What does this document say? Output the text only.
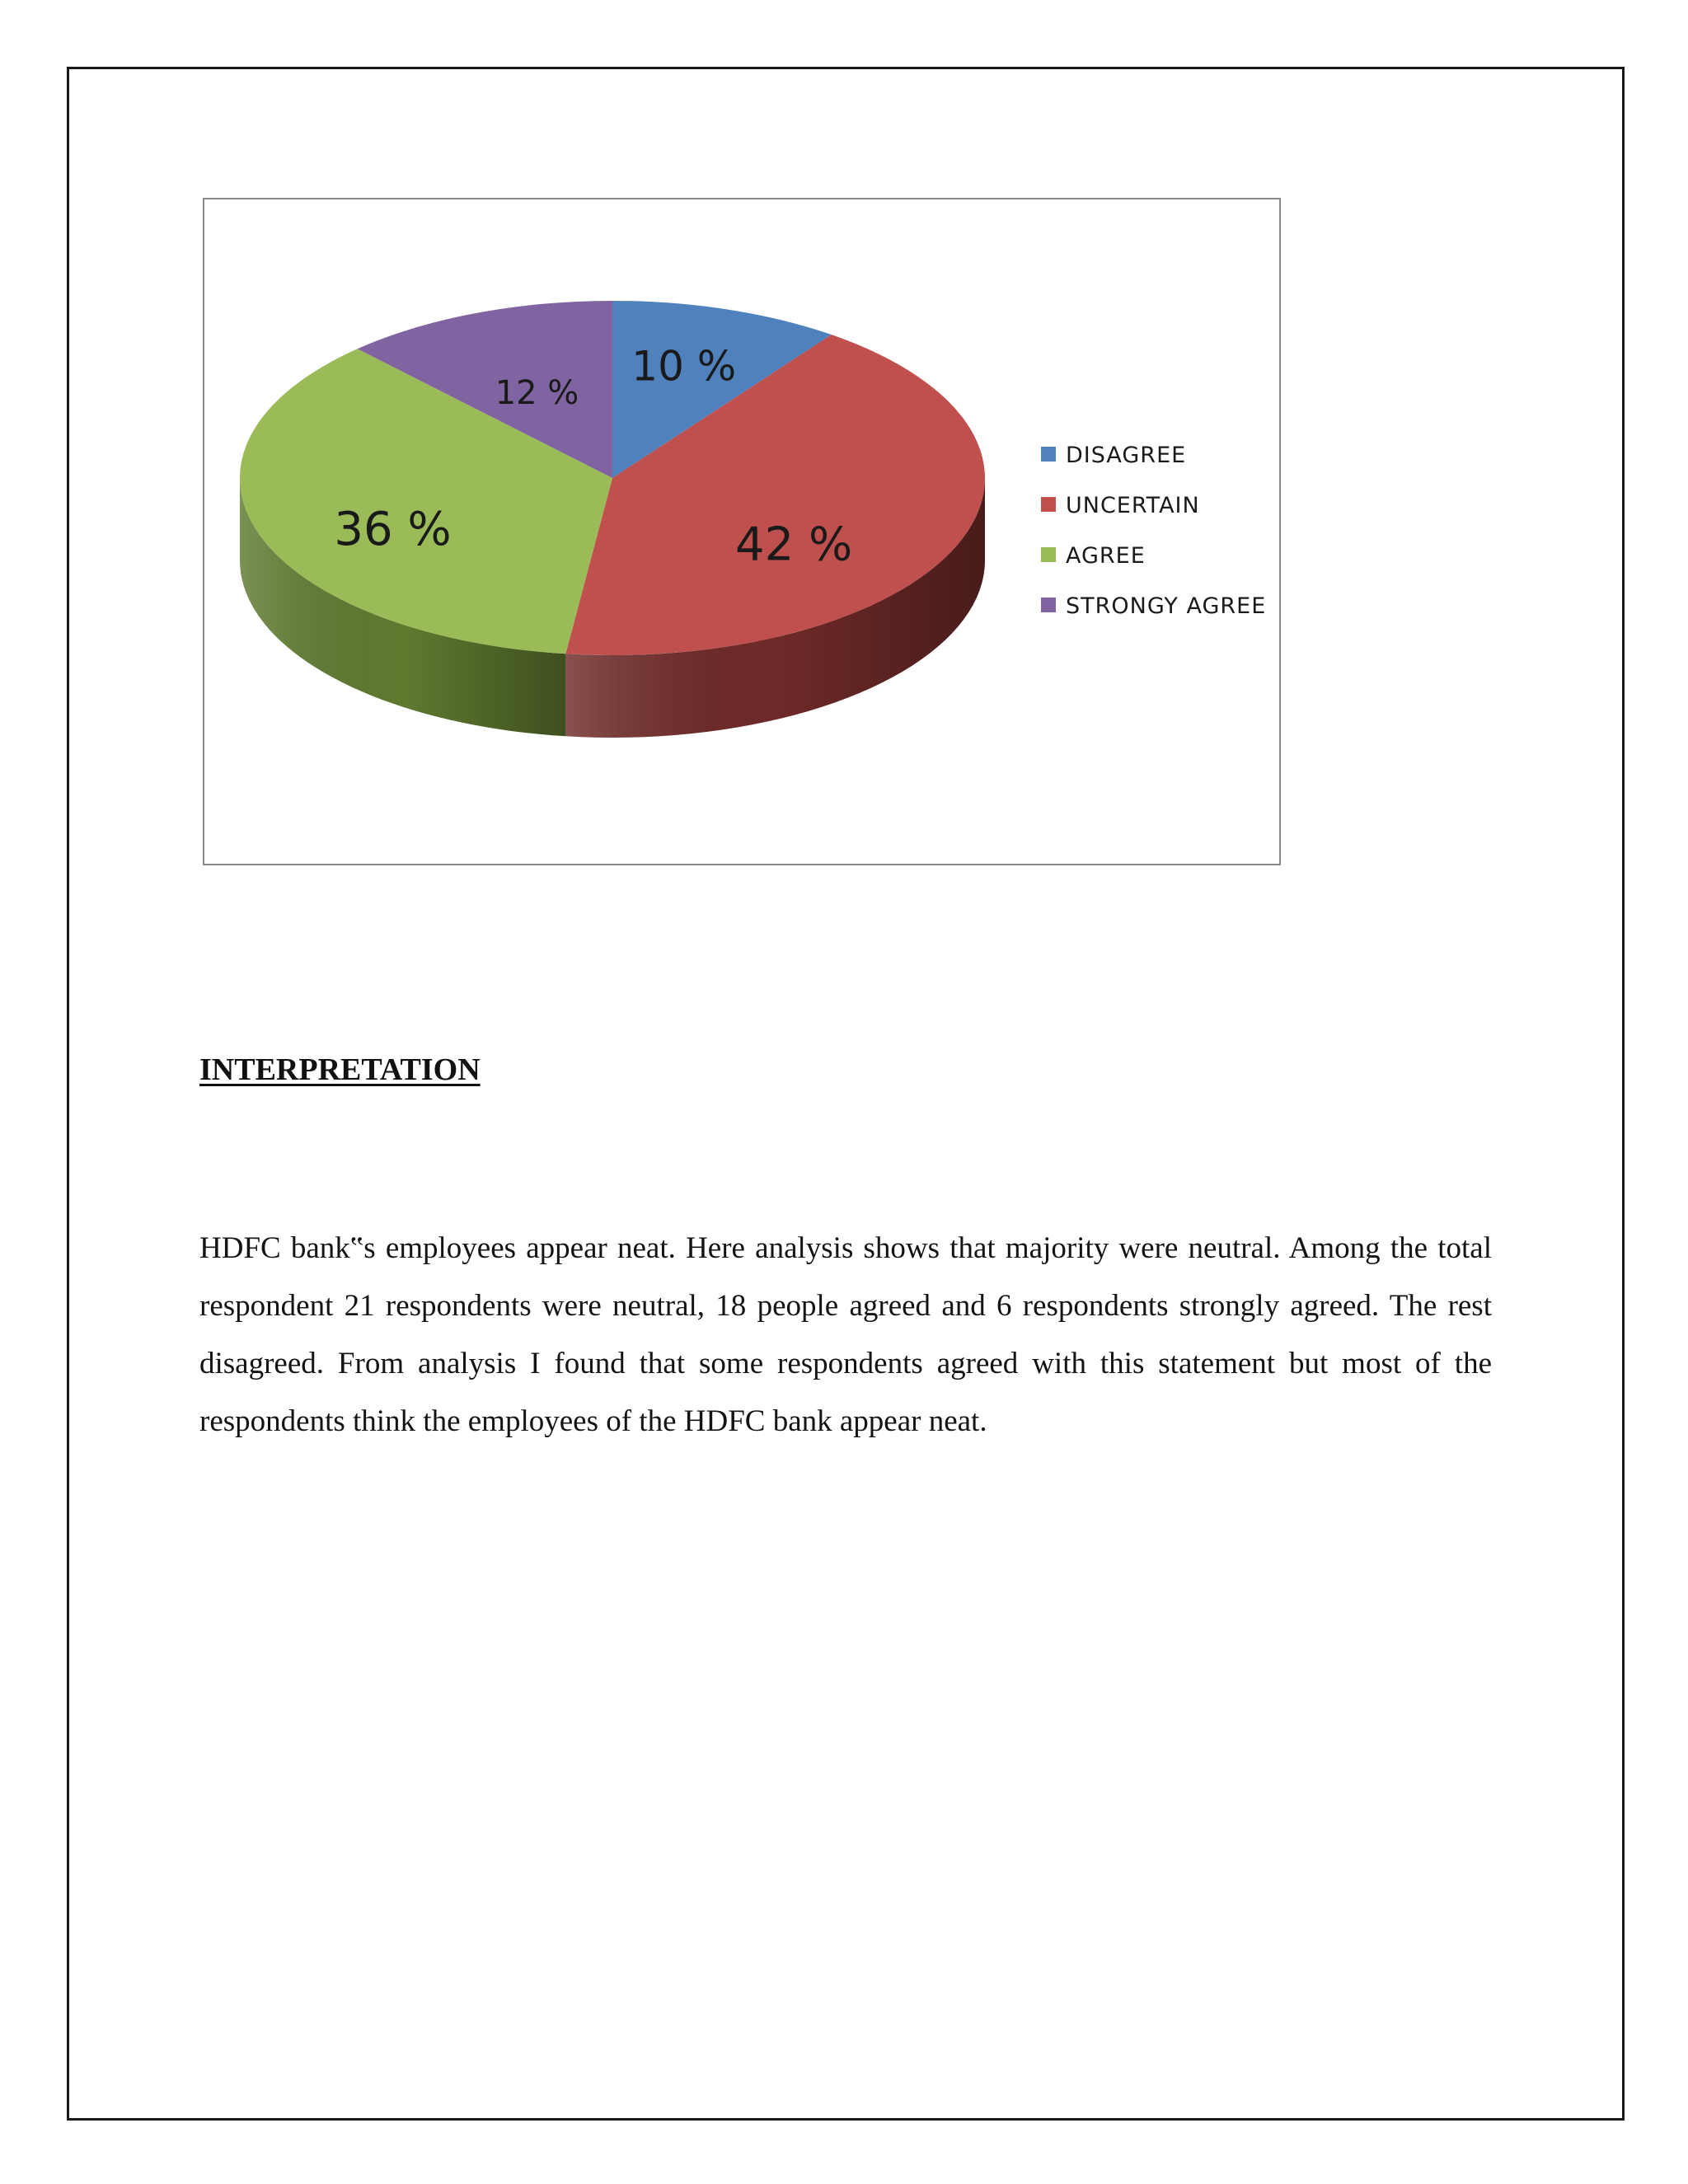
10 %
42 %
36 %
12 %
DISAGREE
UNCERTAIN
AGREE
STRONGY AGREE
INTERPRETATION

HDFC bank‟s employees appear neat. Here analysis shows that majority were neutral. Among the total respondent 21 respondents were neutral, 18 people agreed and 6 respondents strongly agreed. The rest disagreed. From analysis I found that some respondents agreed with this statement but most of the respondents think the employees of the HDFC bank appear neat.
